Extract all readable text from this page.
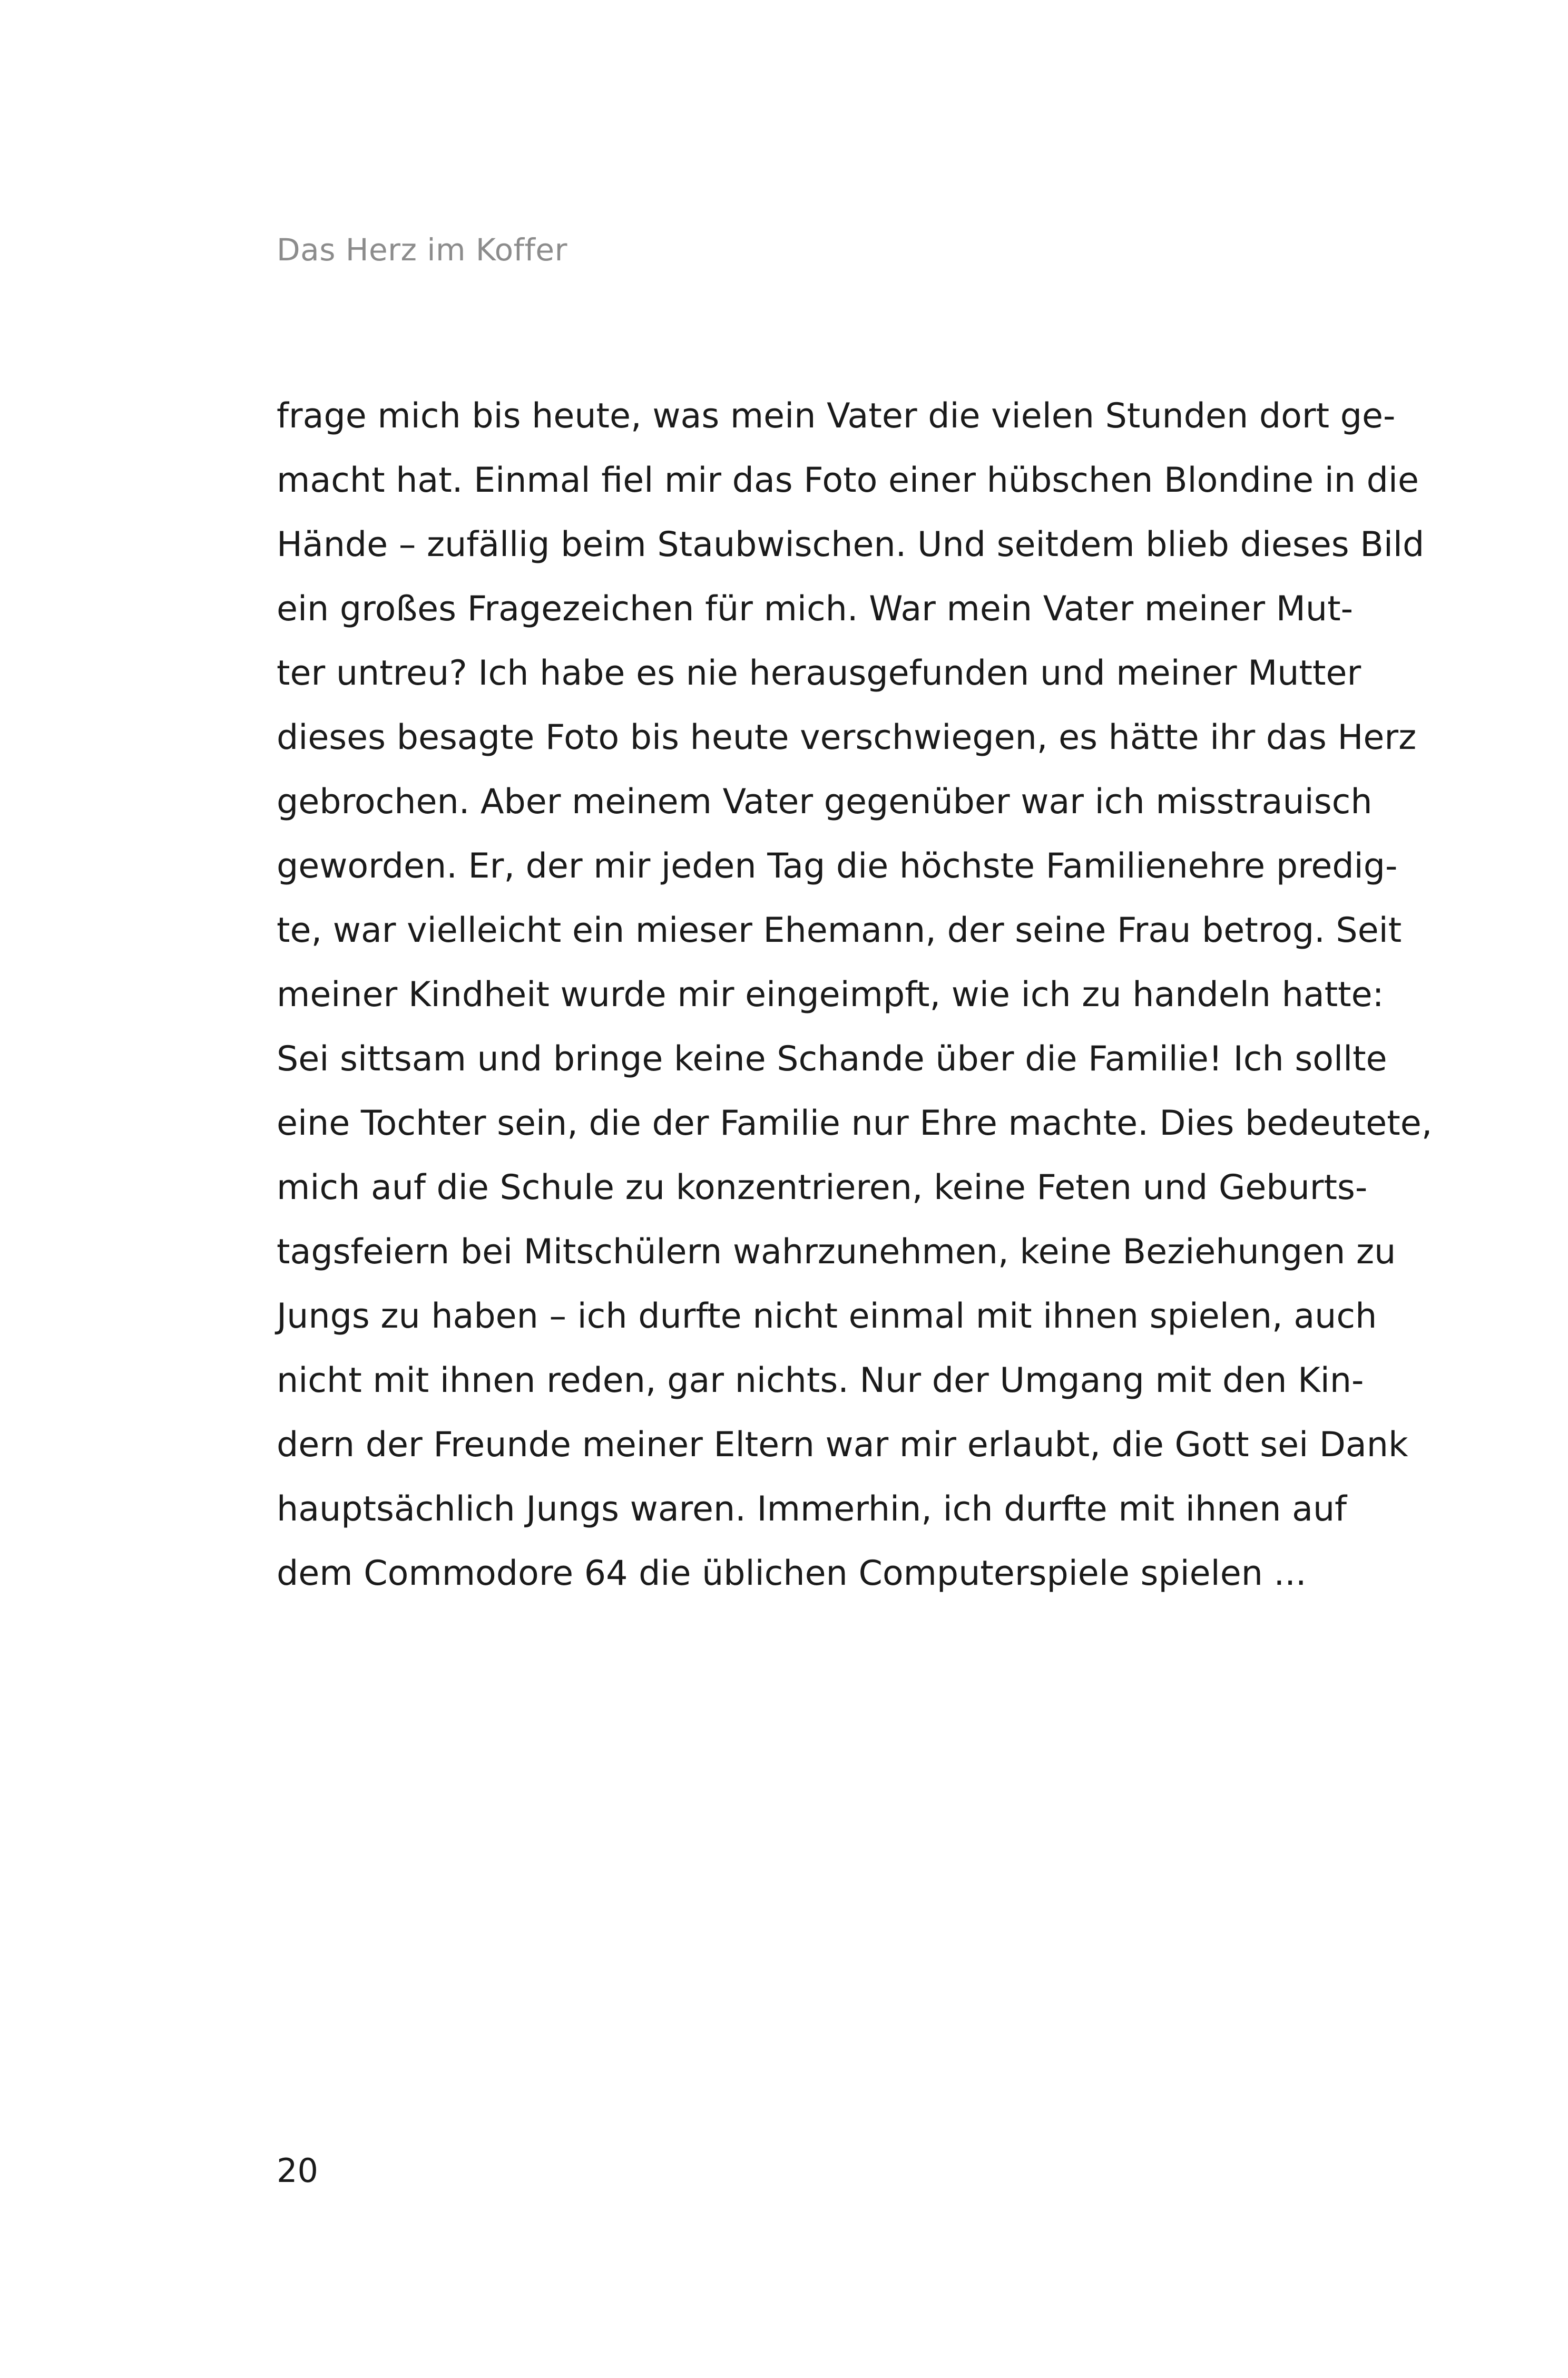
Das Herz im Koffer
frage mich bis heute, was mein Vater die vielen Stunden dort ge-
macht hat. Einmal fiel mir das Foto einer hübschen Blondine in die
Hände – zufällig beim Staubwischen. Und seitdem blieb dieses Bild
ein großes Fragezeichen für mich. War mein Vater meiner Mut-
ter untreu? Ich habe es nie herausgefunden und meiner Mutter
dieses besagte Foto bis heute verschwiegen, es hätte ihr das Herz
gebrochen. Aber meinem Vater gegenüber war ich misstrauisch
geworden. Er, der mir jeden Tag die höchste Familienehre predig-
te, war vielleicht ein mieser Ehemann, der seine Frau betrog. Seit
meiner Kindheit wurde mir eingeimpft, wie ich zu handeln hatte:
Sei sittsam und bringe keine Schande über die Familie! Ich sollte
eine Tochter sein, die der Familie nur Ehre machte. Dies bedeutete,
mich auf die Schule zu konzentrieren, keine Feten und Geburts-
tagsfeiern bei Mitschülern wahrzunehmen, keine Beziehungen zu
Jungs zu haben – ich durfte nicht einmal mit ihnen spielen, auch
nicht mit ihnen reden, gar nichts. Nur der Umgang mit den Kin-
dern der Freunde meiner Eltern war mir erlaubt, die Gott sei Dank
hauptsächlich Jungs waren. Immerhin, ich durfte mit ihnen auf
dem Commodore 64 die üblichen Computerspiele spielen ...
20
